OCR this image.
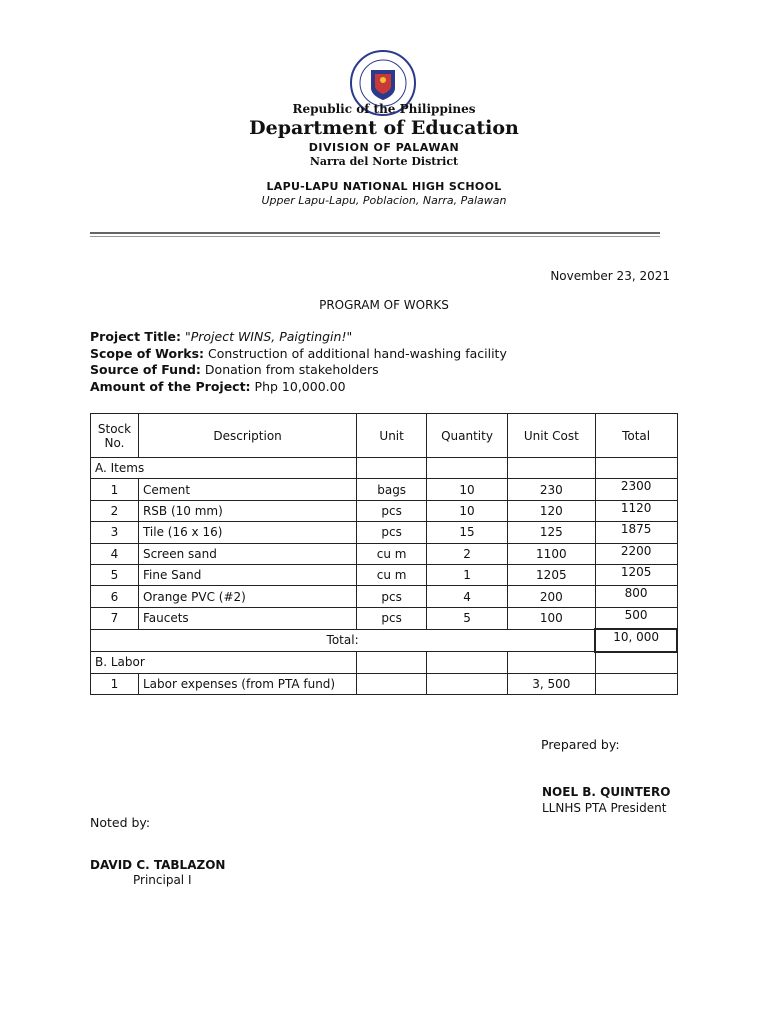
Republic of the Philippines
Department of Education
DIVISION OF PALAWAN
Narra del Norte District
LAPU-LAPU NATIONAL HIGH SCHOOL
Upper Lapu-Lapu, Poblacion, Narra, Palawan
November 23, 2021
PROGRAM OF WORKS
Project Title: "Project WINS, Paigtingin!"
Scope of Works: Construction of additional hand-washing facility
Source of Fund: Donation from stakeholders
Amount of the Project: Php 10,000.00
Stock No.	Description	Unit	Quantity	Unit Cost	Total
A. Items					
1	Cement	bags	10	230	2300
2	RSB (10 mm)	pcs	10	120	1120
3	Tile (16 x 16)	pcs	15	125	1875
4	Screen sand	cu m	2	1100	2200
5	Fine Sand	cu m	1	1205	1205
6	Orange PVC (#2)	pcs	4	200	800
7	Faucets	pcs	5	100	500
Total:					10, 000
B. Labor					
1	Labor expenses (from PTA fund)			3, 500	
Prepared by:
NOEL B. QUINTERO
LLNHS PTA President
Noted by:
DAVID C. TABLAZON
Principal I
